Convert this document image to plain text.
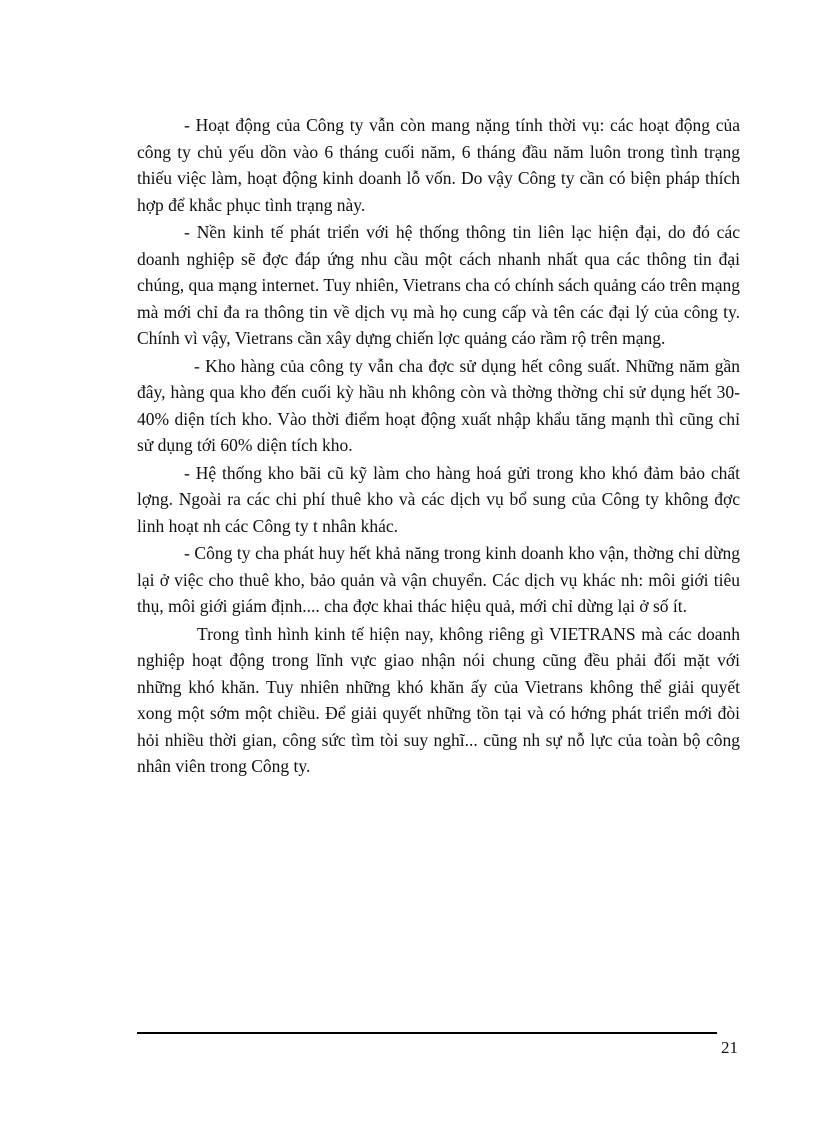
- Hoạt động của Công ty vẫn còn mang nặng tính thời vụ: các hoạt động của công ty chủ yếu dồn vào 6 tháng cuối năm, 6 tháng đầu năm luôn trong tình trạng thiếu việc làm, hoạt động kinh doanh lỗ vốn. Do vậy Công ty cần có biện pháp thích hợp để khắc phục tình trạng này.

- Nền kinh tế phát triển với hệ thống thông tin liên lạc hiện đại, do đó các doanh nghiệp sẽ đợc đáp ứng nhu cầu một cách nhanh nhất qua các thông tin đại chúng, qua mạng internet. Tuy nhiên, Vietrans cha có chính sách quảng cáo trên mạng mà mới chỉ đa ra thông tin về dịch vụ mà họ cung cấp và tên các đại lý của công ty. Chính vì vậy, Vietrans cần xây dựng chiến lợc quảng cáo rầm rộ trên mạng.

- Kho hàng của công ty vẫn cha đợc sử dụng hết công suất. Những năm gần đây, hàng qua kho đến cuối kỳ hầu nh không còn và thờng thờng chỉ sử dụng hết 30-40% diện tích kho. Vào thời điểm hoạt động xuất nhập khẩu tăng mạnh thì cũng chỉ sử dụng tới 60% diện tích kho.

- Hệ thống kho bãi cũ kỹ làm cho hàng hoá gửi trong kho khó đảm bảo chất lợng. Ngoài ra các chi phí thuê kho và các dịch vụ bổ sung của Công ty không đợc linh hoạt nh các Công ty t nhân khác.

- Công ty cha phát huy hết khả năng trong kinh doanh kho vận, thờng chỉ dừng lại ở việc cho thuê kho, bảo quản và vận chuyển. Các dịch vụ khác nh: môi giới tiêu thụ, môi giới giám định.... cha đợc khai thác hiệu quả, mới chỉ dừng lại ở số ít.

Trong tình hình kinh tế hiện nay, không riêng gì VIETRANS mà các doanh nghiệp hoạt động trong lĩnh vực giao nhận nói chung cũng đều phải đối mặt với những khó khăn. Tuy nhiên những khó khăn ấy của Vietrans không thể giải quyết xong một sớm một chiều. Để giải quyết những tồn tại và có hớng phát triển mới đòi hỏi nhiều thời gian, công sức tìm tòi suy nghĩ... cũng nh sự nỗ lực của toàn bộ công nhân viên trong Công ty.

21
